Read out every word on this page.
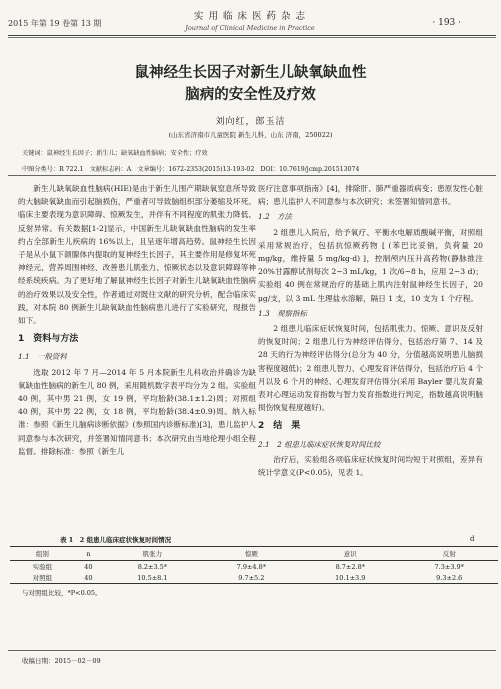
2015 年第 19 卷第 13 期
实 用 临 床 医 药 杂 志
Journal of Clinical Medicine in Practice	· 193 ·
鼠神经生长因子对新生儿缺氧缺血性
脑病的安全性及疗效
刘向红，郎玉洁
(山东省济南市儿童医院 新生儿科，山东 济南，250022)
关键词：鼠神经生长因子；新生儿；缺氧缺血性脑病；安全性；疗效
中图分类号：R 722.1　文献标志码：A　文章编号：1672-2353(2015)13-193-02　DOI：10.7619/jcmp.201513074

新生儿缺氧缺血性脑病(HIE)是由于新生儿围产期缺氧窒息所导致的大脑缺氧缺血而引起脑损伤，严重者可导致脑组织部分萎缩及坏死。临床主要表现为意识障碍、惊厥发生，并伴有不同程度的肌张力降低、反射异常。有关数据[1-2]显示，中国新生儿缺氧缺血性脑病的发生率约占全部新生儿疾病的 16%以上，且呈逐年增高趋势。鼠神经生长因子是从小鼠下颌腺体内提取的复神经生长因子，其主要作用是修复坏死神经元、营养周围神经、改善患儿肌张力、惊厥状态以及意识障碍等神经系统疾病。为了更好地了解鼠神经生长因子对新生儿缺氧缺血性脑病的治疗效果以及安全性，作者通过对既往文献的研究分析，配合临床实践，对本院 80 例新生儿缺氧缺血性脑病患儿进行了实验研究，现报告如下。

1　资料与方法
1.1　一般资料

选取 2012 年 7 月—2014 年 5 月本院新生儿科收治并确诊为缺氧缺血性脑病的新生儿 80 例，采用随机数字表平均分为 2 组。实验组 40 例，其中男 21 例，女 19 例，平均胎龄(38.1±1.2)周；对照组 40 例，其中男 22 例，女 18 例，平均胎龄(38.4±0.9)周。纳入标准：参照《新生儿脑病诊断依据》(参照国内诊断标准)[3]，患儿监护人同意参与本次研究，并签署知情同意书；本次研究由当地伦理小组全程监督。排除标准：参照《新生儿

医疗注意事项指南》[4]，排除肝、肺严重器质病变；患原发性心脏病；患儿监护人不同意参与本次研究；未签署知情同意书。

1.2　方法

2 组患儿入院后，给予氧疗、平衡水电解质酸碱平衡，对照组采用常规治疗，包括抗惊厥药物 [ (苯巴比妥钠，负荷量 20 mg/kg，维持量 5 mg/kg·d) ]，控制颅内压升高药物(静脉推注 20%甘露醇试剂每次 2~3 mL/kg，1 次/6~8 h，应用 2~3 d)；实验组 40 例在常规治疗的基础上肌内注射鼠神经生长因子，20 μg/支，以 3 mL 生理盐水溶解，隔日 1 支，10 支为 1 个疗程。

1.3　观察指标

2 组患儿临床症状恢复时间，包括肌张力、惊厥、意识及反射的恢复时间；2 组患儿行为神经评估得分，包括治疗第 7、14 及 28 天的行为神经评估得分(总分为 40 分，分值越高说明患儿脑损害程度越低)；2 组患儿智力、心理发育评估得分，包括治疗后 4 个月以及 6 个月的神经、心理发育评估得分(采用 Bayler 婴儿发育量表对心理运动发育指数与智力发育指数进行判定，指数越高说明脑损伤恢复程度越好)。

2　结　果
2.1　2 组患儿临床症状恢复时间比较

治疗后，实验组各项临床症状恢复时间均短于对照组，差异有统计学意义(P<0.05)，见表 1。

表 1　2 组患儿临床症状恢复时间情况	d
组别	n	肌张力	惊厥	意识	反射
实验组	40	8.2±3.5*	7.9±4.8*	8.7±2.8*	7.3±3.9*
对照组	40	10.5±8.1	9.7±5.2	10.1±3.9	9.3±2.6
与对照组比较，*P<0.05。
收稿日期：2015－02－09
